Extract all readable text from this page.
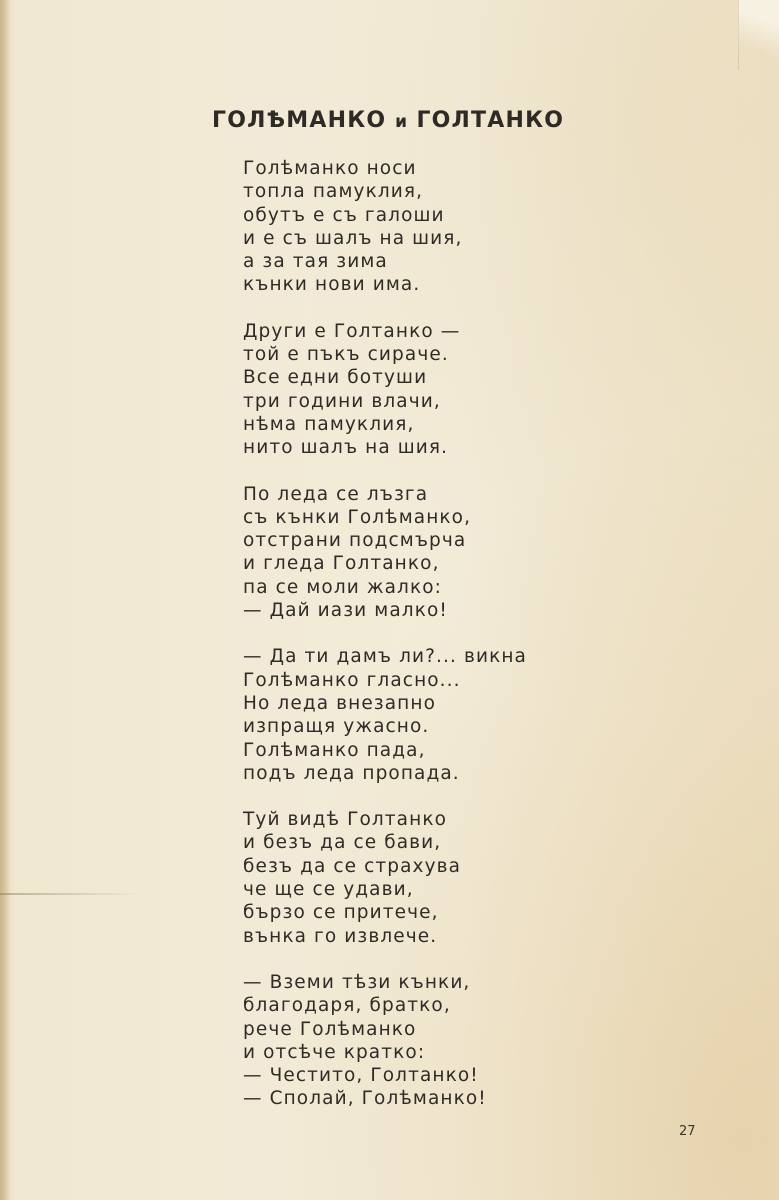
ГОЛѢМАНКО и ГОЛТАНКО
Голѣманко носи
топла памуклия,
обутъ е съ галоши
и е съ шалъ на шия,
а за тая зима
кънки нови има.
Други е Голтанко —
той е пъкъ сираче.
Все едни ботуши
три години влачи,
нѣма памуклия,
нито шалъ на шия.
По леда се лъзга
съ кънки Голѣманко,
отстрани подсмърча
и гледа Голтанко,
па се моли жалко:
— Дай иази малко!
— Да ти дамъ ли?... викна
Голѣманко гласно...
Но леда внезапно
изпращя ужасно.
Голѣманко пада,
подъ леда пропада.
Туй видѣ Голтанко
и безъ да се бави,
безъ да се страхува
че ще се удави,
бързо се притече,
вънка го извлече.
— Вземи тѣзи кънки,
благодаря, братко,
рече Голѣманко
и отсѣче кратко:
— Честито, Голтанко!
— Сполай, Голѣманко!
27
